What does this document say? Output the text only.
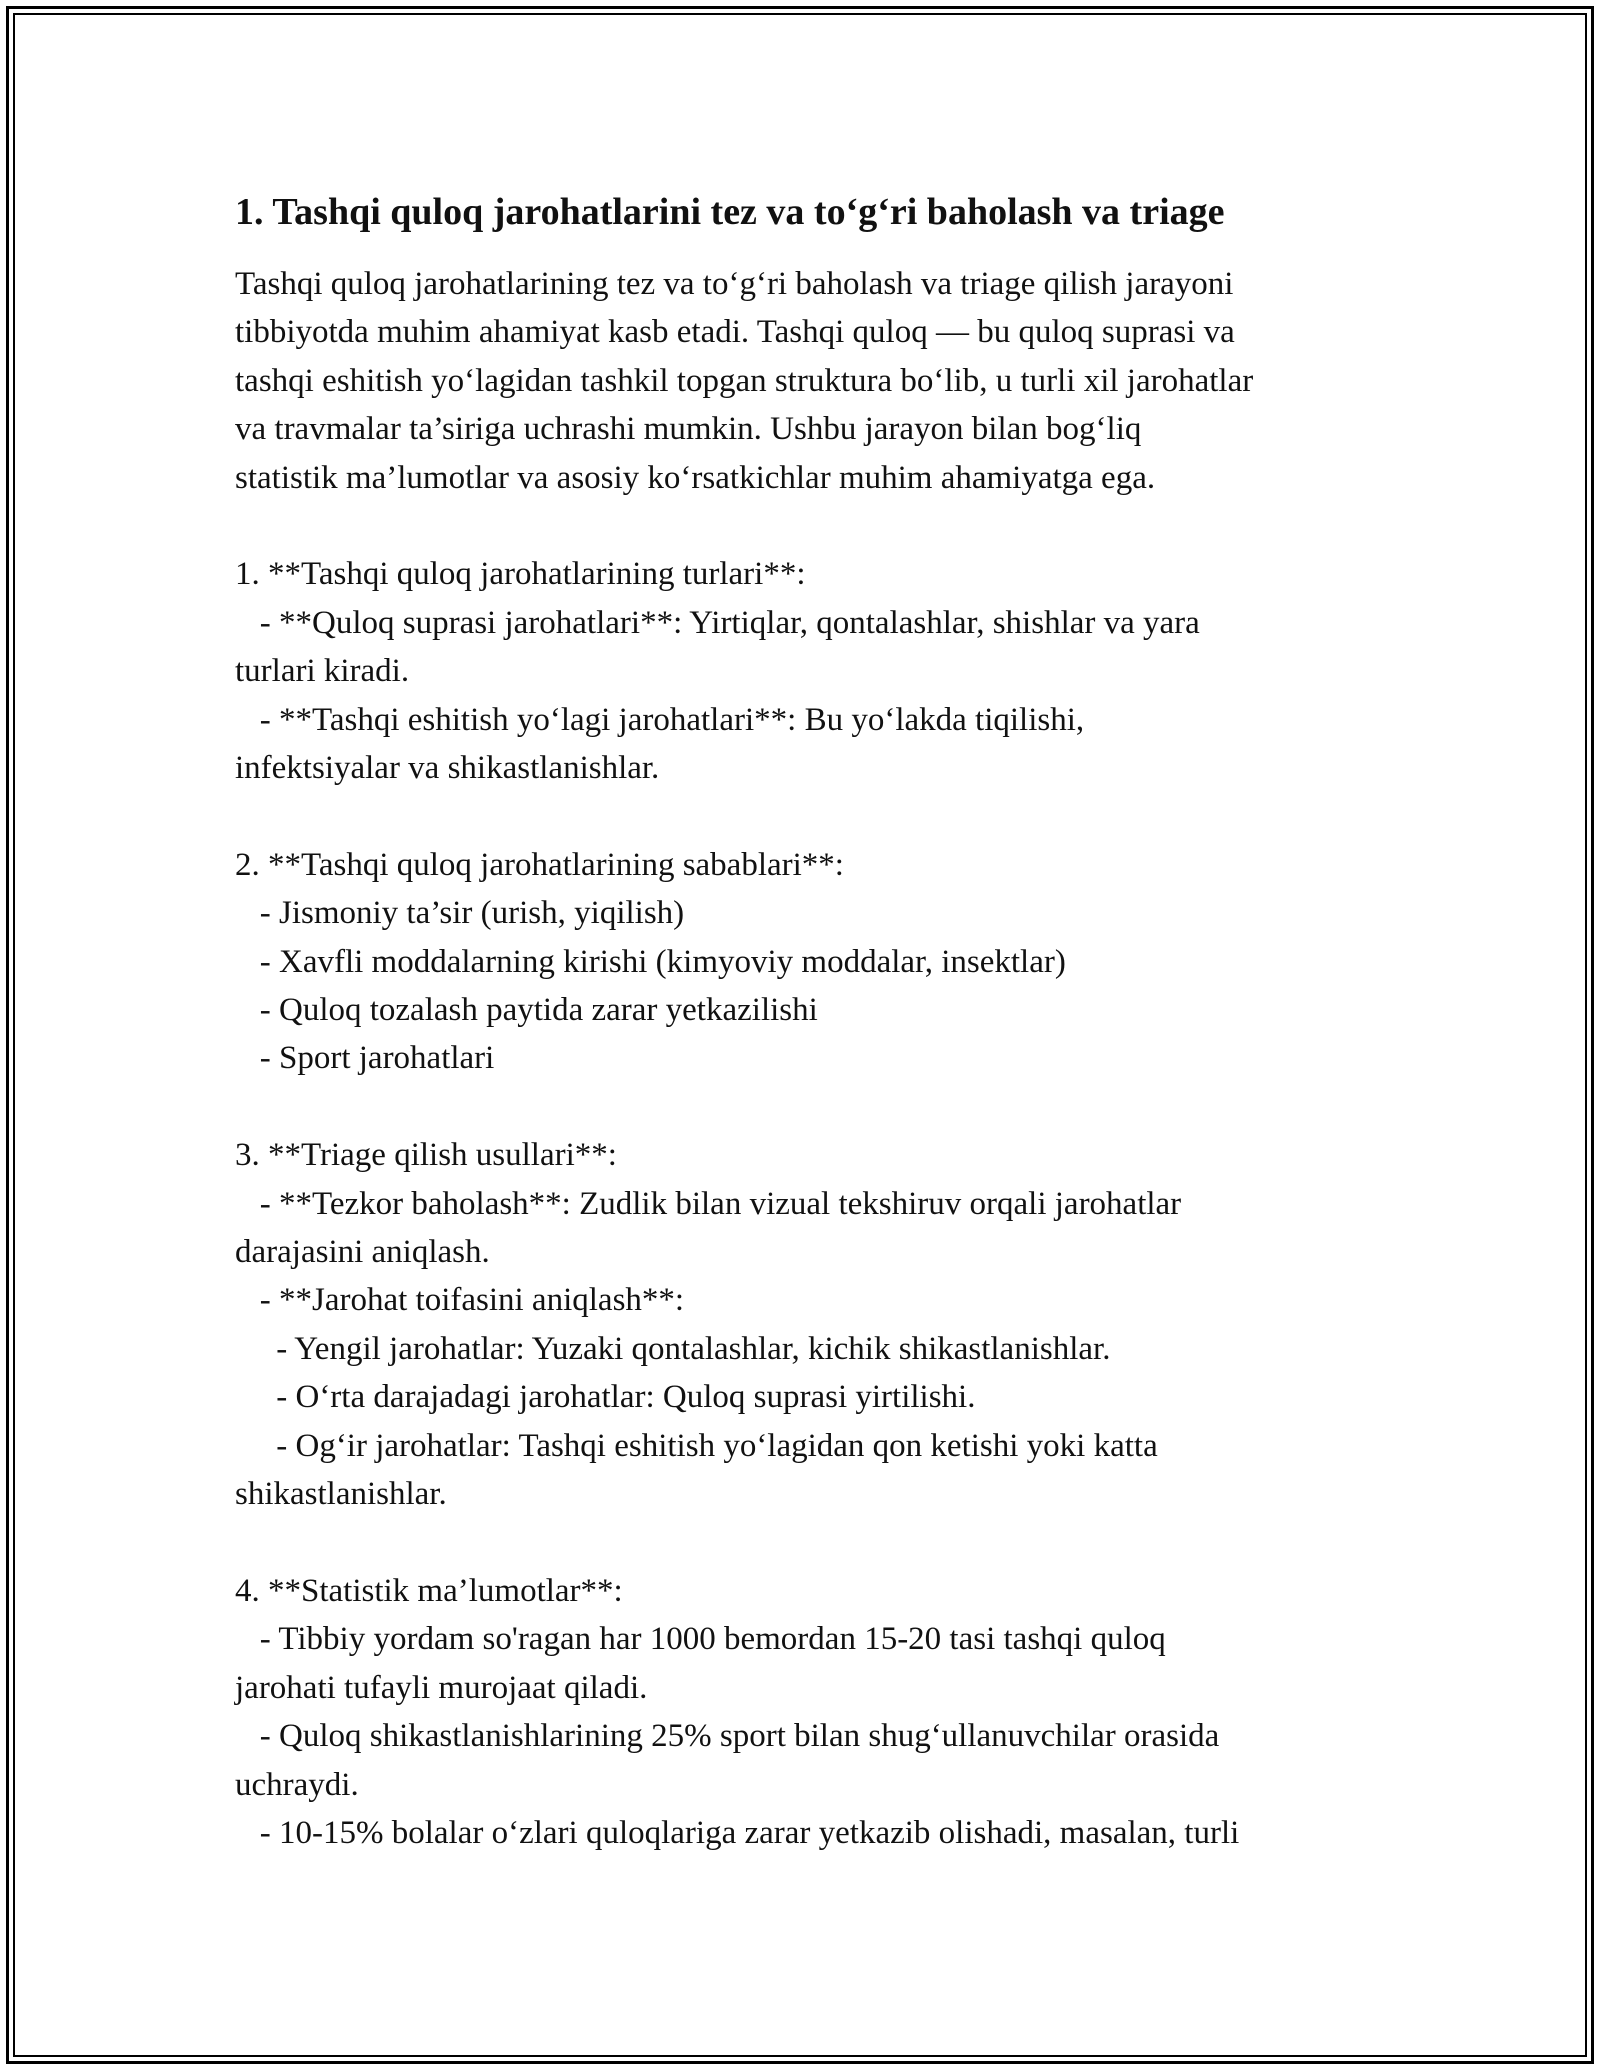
1. Tashqi quloq jarohatlarini tez va to‘g‘ri baholash va triage
Tashqi quloq jarohatlarining tez va to‘g‘ri baholash va triage qilish jarayoni
tibbiyotda muhim ahamiyat kasb etadi. Tashqi quloq — bu quloq suprasi va
tashqi eshitish yo‘lagidan tashkil topgan struktura bo‘lib, u turli xil jarohatlar
va travmalar ta’siriga uchrashi mumkin. Ushbu jarayon bilan bog‘liq
statistik ma’lumotlar va asosiy ko‘rsatkichlar muhim ahamiyatga ega.
1. **Tashqi quloq jarohatlarining turlari**:
- **Quloq suprasi jarohatlari**: Yirtiqlar, qontalashlar, shishlar va yara
turlari kiradi.
- **Tashqi eshitish yo‘lagi jarohatlari**: Bu yo‘lakda tiqilishi,
infektsiyalar va shikastlanishlar.
2. **Tashqi quloq jarohatlarining sabablari**:
- Jismoniy ta’sir (urish, yiqilish)
- Xavfli moddalarning kirishi (kimyoviy moddalar, insektlar)
- Quloq tozalash paytida zarar yetkazilishi
- Sport jarohatlari
3. **Triage qilish usullari**:
- **Tezkor baholash**: Zudlik bilan vizual tekshiruv orqali jarohatlar
darajasini aniqlash.
- **Jarohat toifasini aniqlash**:
- Yengil jarohatlar: Yuzaki qontalashlar, kichik shikastlanishlar.
- O‘rta darajadagi jarohatlar: Quloq suprasi yirtilishi.
- Og‘ir jarohatlar: Tashqi eshitish yo‘lagidan qon ketishi yoki katta
shikastlanishlar.
4. **Statistik ma’lumotlar**:
- Tibbiy yordam so'ragan har 1000 bemordan 15-20 tasi tashqi quloq
jarohati tufayli murojaat qiladi.
- Quloq shikastlanishlarining 25% sport bilan shug‘ullanuvchilar orasida
uchraydi.
- 10-15% bolalar o‘zlari quloqlariga zarar yetkazib olishadi, masalan, turli
